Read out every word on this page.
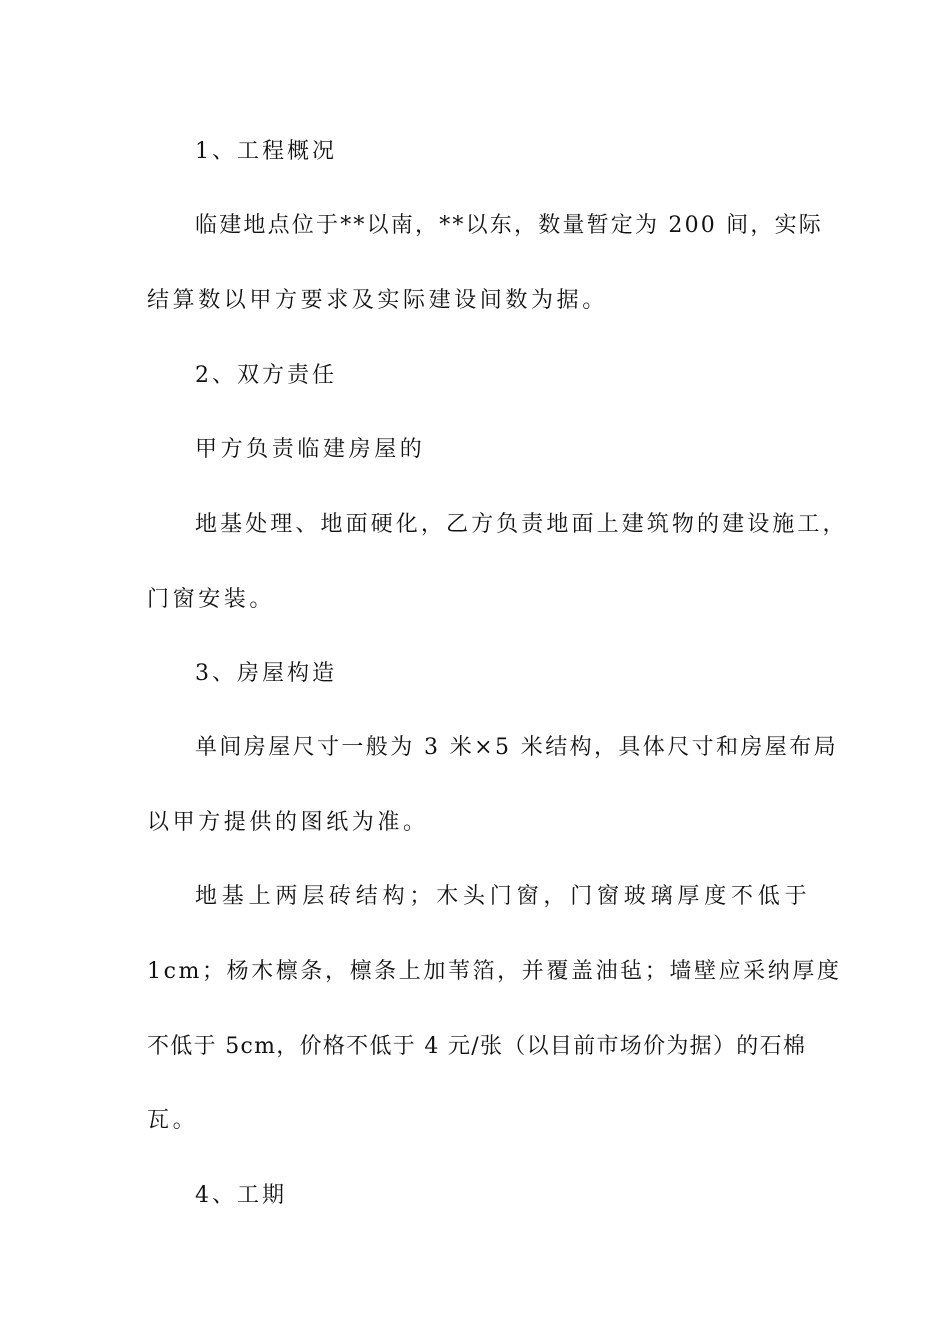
1、工程概况

临建地点位于**以南，**以东，数量暂定为 200 间，实际

结算数以甲方要求及实际建设间数为据。

2、双方责任

甲方负责临建房屋的

地基处理、地面硬化，乙方负责地面上建筑物的建设施工，

门窗安装。

3、房屋构造

单间房屋尺寸一般为 3 米×5 米结构，具体尺寸和房屋布局

以甲方提供的图纸为准。

地基上两层砖结构；木头门窗，门窗玻璃厚度不低于

1cm；杨木檩条，檩条上加苇箔，并覆盖油毡；墙壁应采纳厚度

不低于 5cm，价格不低于 4 元/张（以目前市场价为据）的石棉

瓦。

4、工期
